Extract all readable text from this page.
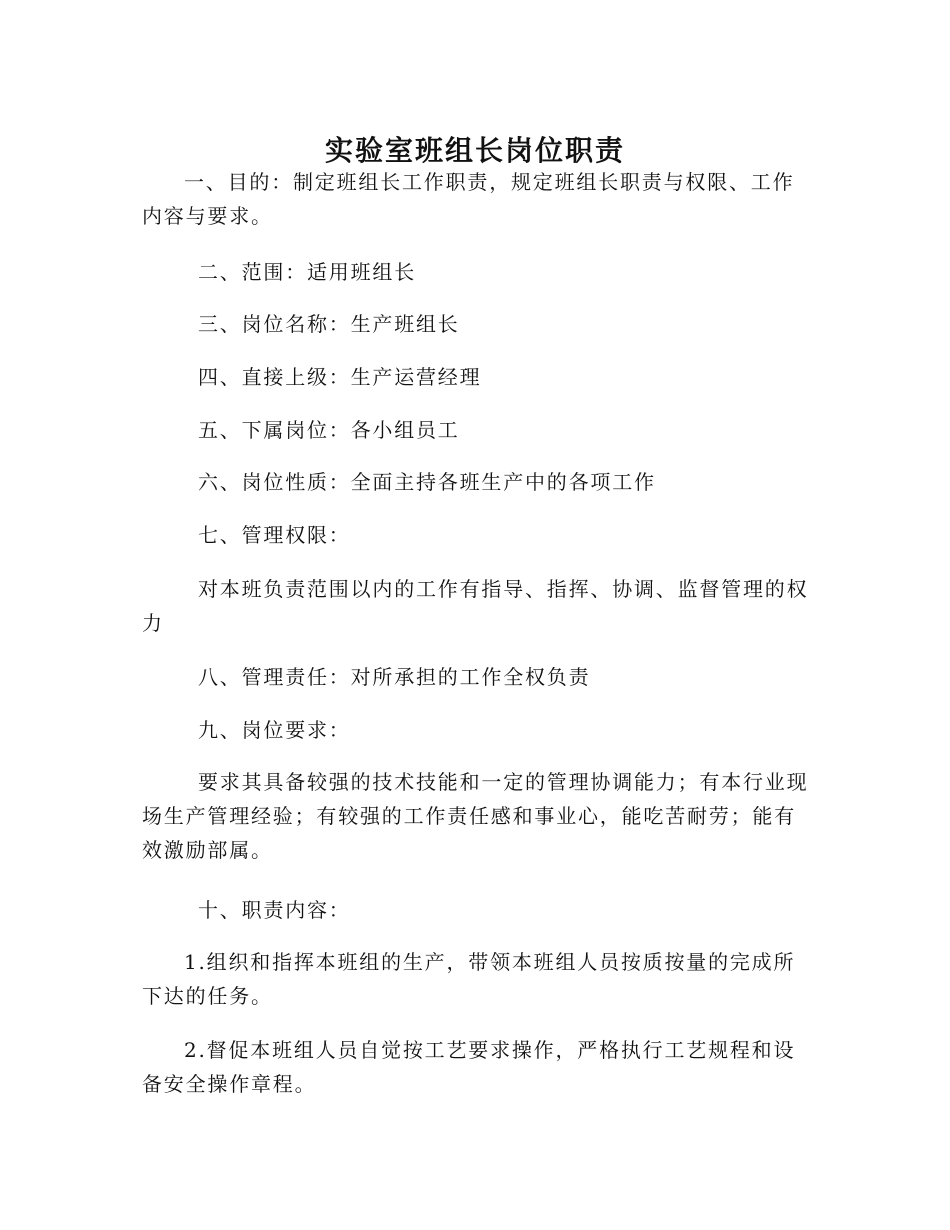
实验室班组长岗位职责

一、目的：制定班组长工作职责，规定班组长职责与权限、工作内容与要求。

二、范围：适用班组长

三、岗位名称：生产班组长

四、直接上级：生产运营经理

五、下属岗位：各小组员工

六、岗位性质：全面主持各班生产中的各项工作

七、管理权限：

对本班负责范围以内的工作有指导、指挥、协调、监督管理的权力

八、管理责任：对所承担的工作全权负责

九、岗位要求：

要求其具备较强的技术技能和一定的管理协调能力；有本行业现场生产管理经验；有较强的工作责任感和事业心，能吃苦耐劳；能有效激励部属。

十、职责内容：

1.组织和指挥本班组的生产，带领本班组人员按质按量的完成所下达的任务。

2.督促本班组人员自觉按工艺要求操作，严格执行工艺规程和设备安全操作章程。
